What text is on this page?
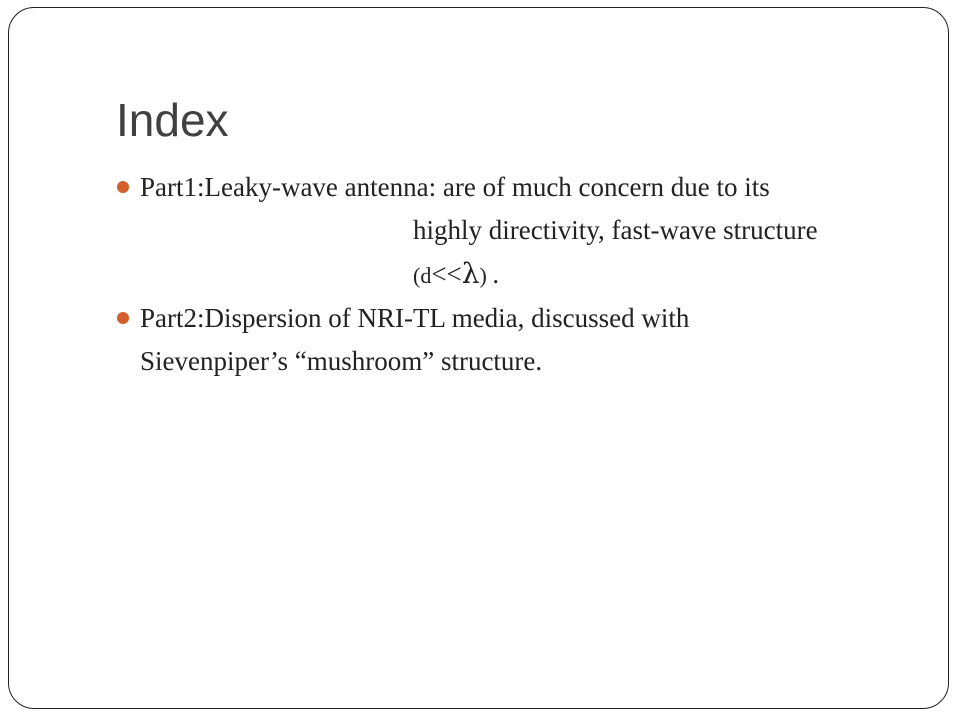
Index
Part1:Leaky-wave antenna: are of much concern due to its
highly directivity, fast-wave structure
(d<<λ) .
Part2:Dispersion of NRI-TL media, discussed with
Sievenpiper’s “mushroom” structure.
